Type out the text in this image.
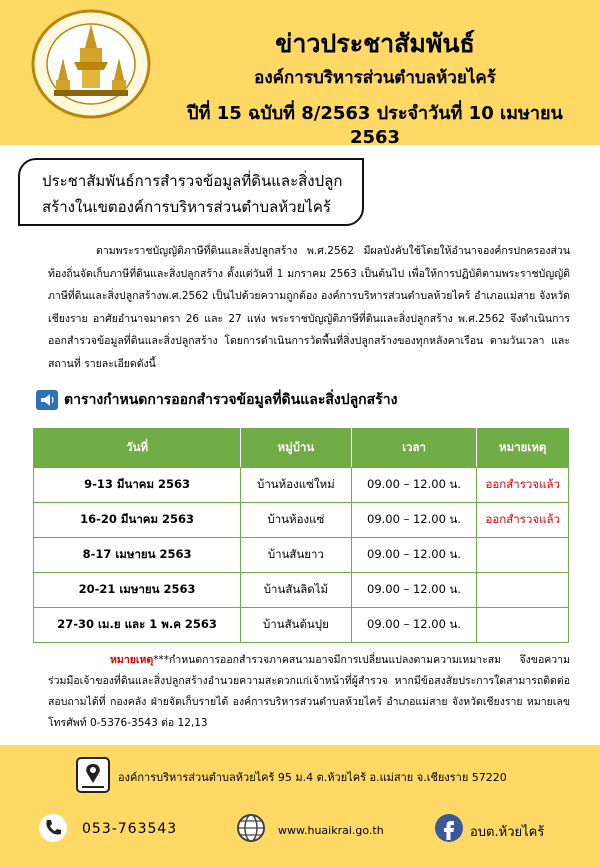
ข่าวประชาสัมพันธ์
องค์การบริหารส่วนตำบลห้วยไคร้
ปีที่ 15 ฉบับที่ 8/2563 ประจำวันที่ 10 เมษายน 2563
ประชาสัมพันธ์การสำรวจข้อมูลที่ดินและสิ่งปลูก
สร้างในเขตองค์การบริหารส่วนตำบลห้วยไคร้
ตามพระราชบัญญัติภาษีที่ดินและสิ่งปลูกสร้าง พ.ศ.2562 มีผลบังคับใช้โดยให้อำนาจองค์กรปกครองส่วนท้องถิ่นจัดเก็บภาษีที่ดินและสิ่งปลูกสร้าง ตั้งแต่วันที่ 1 มกราคม 2563 เป็นต้นไป เพื่อให้การปฏิบัติตามพระราชบัญญัติภาษีที่ดินและสิ่งปลูกสร้างพ.ศ.2562 เป็นไปด้วยความถูกต้อง องค์การบริหารส่วนตำบลห้วยไคร้ อำเภอแม่สาย จังหวัดเชียงราย อาศัยอำนาจมาตรา 26 และ 27 แห่ง พระราชบัญญัติภาษีที่ดินและสิ่งปลูกสร้าง พ.ศ.2562 จึงดำเนินการออกสำรวจข้อมูลที่ดินและสิ่งปลูกสร้าง โดยการดำเนินการวัดพื้นที่สิ่งปลูกสร้างของทุกหลังคาเรือน ตามวันเวลา และสถานที่ รายละเอียดดังนี้
ตารางกำหนดการออกสำรวจข้อมูลที่ดินและสิ่งปลูกสร้าง
วันที่	หมู่บ้าน	เวลา	หมายเหตุ
9-13 มีนาคม 2563	บ้านห้องแซ่ใหม่	09.00 – 12.00 น.	ออกสำรวจแล้ว
16-20 มีนาคม 2563	บ้านห้องแซ่	09.00 – 12.00 น.	ออกสำรวจแล้ว
8-17 เมษายน 2563	บ้านสันยาว	09.00 – 12.00 น.	
20-21 เมษายน 2563	บ้านสันลิดไม้	09.00 – 12.00 น.	
27-30 เม.ย และ 1 พ.ค 2563	บ้านสันต้นปุย	09.00 – 12.00 น.	
หมายเหตุ***กำหนดการออกสำรวจภาคสนามอาจมีการเปลี่ยนแปลงตามความเหมาะสม จึงขอความร่วมมือเจ้าของที่ดินและสิ่งปลูกสร้างอำนวยความสะดวกแก่เจ้าหน้าที่ผู้สำรวจ หากมีข้อสงสัยประการใดสามารถติดต่อสอบถามได้ที่ กองคลัง ฝ่ายจัดเก็บรายได้ องค์การบริหารส่วนตำบลห้วยไคร้ อำเภอแม่สาย จังหวัดเชียงราย หมายเลขโทรศัพท์ 0-5376-3543 ต่อ 12,13
องค์การบริหารส่วนตำบลห้วยไคร้ 95 ม.4 ต.ห้วยไคร้ อ.แม่สาย จ.เชียงราย 57220
053-763543	www.huaikrai.go.th	อบต.ห้วยไคร้
